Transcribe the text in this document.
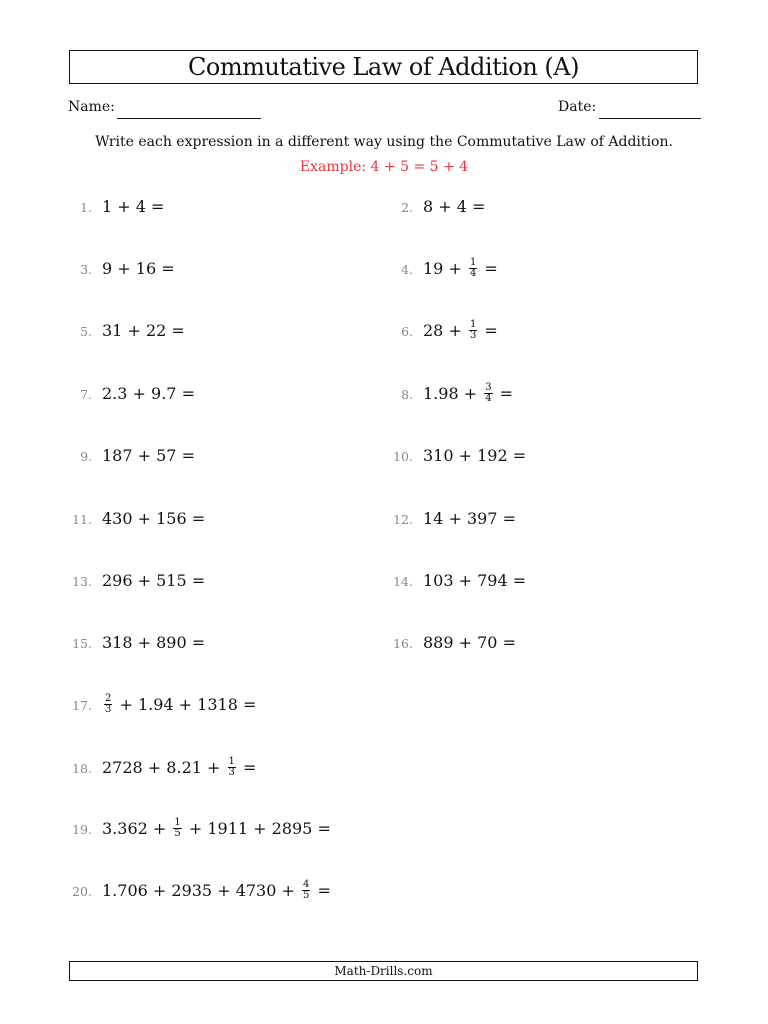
Commutative Law of Addition (A)
Name:	Date:
Write each expression in a different way using the Commutative Law of Addition.
Example: 4 + 5 = 5 + 4
1. 1 + 4 =	2. 8 + 4 =
3. 9 + 16 =	4. $19 + \frac{1}{4}$ =
5. 31 + 22 =	6. $28 + \frac{1}{3}$ =
7. 2.3 + 9.7 =	8. $1.98 + \frac{3}{4}$ =
9. 187 + 57 =	10. 310 + 192 =
11. 430 + 156 =	12. 14 + 397 =
13. 296 + 515 =	14. 103 + 794 =
15. 318 + 890 =	16. 889 + 70 =
17. $\frac{2}{3} + 1.94 + 1318$ =
18. $2728 + 8.21 + \frac{1}{3}$ =
19. $3.362 + \frac{1}{5} + 1911 + 2895$ =
20. $1.706 + 2935 + 4730 + \frac{4}{5}$ =
Math-Drills.com
